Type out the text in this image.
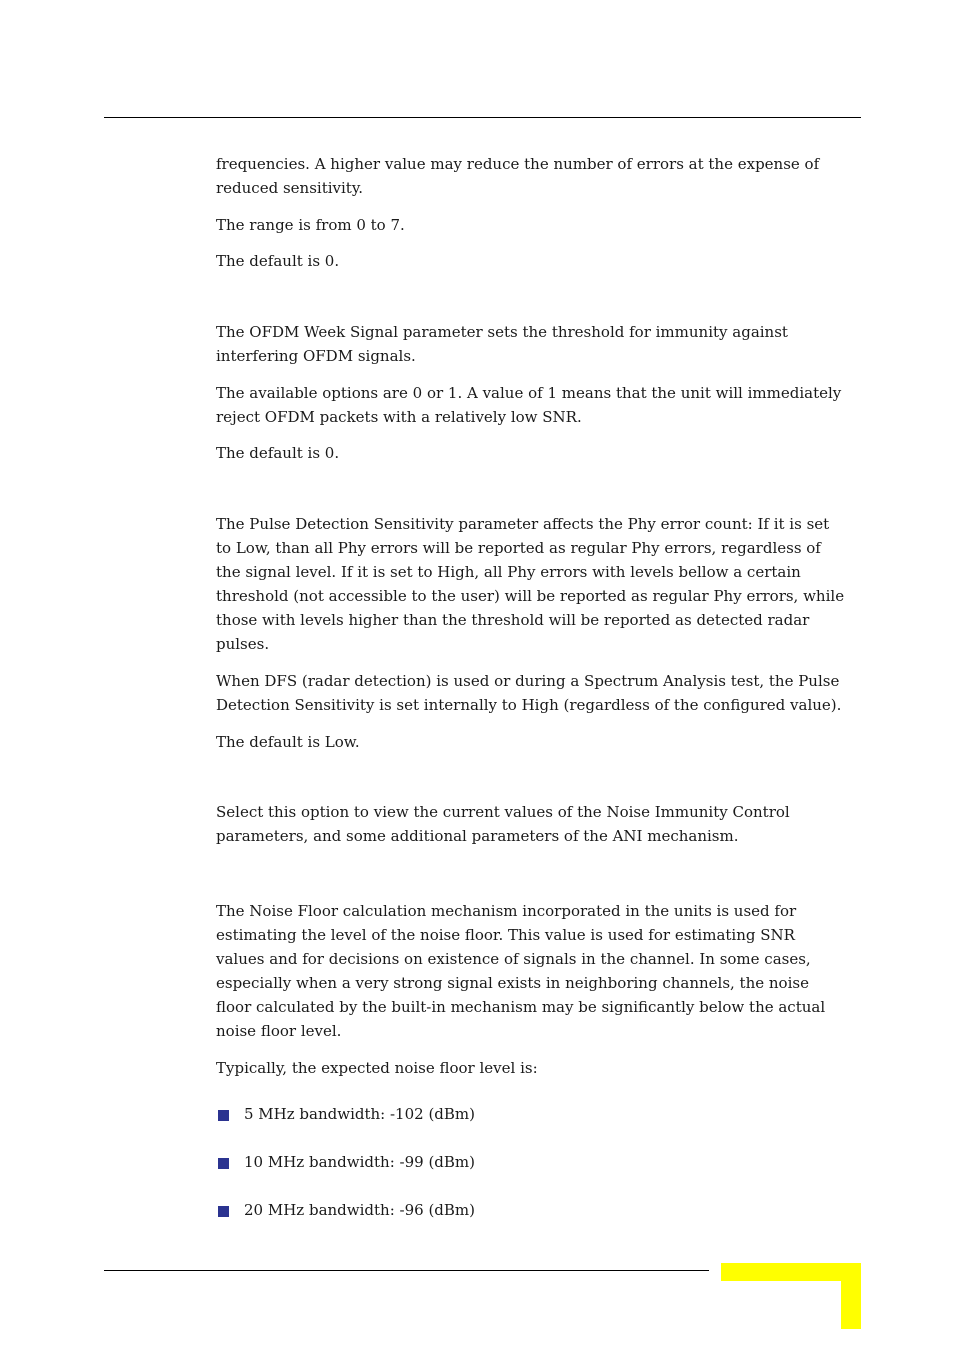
frequencies. A higher value may reduce the number of errors at the expense of
reduced sensitivity.

The range is from 0 to 7.

The default is 0.

The OFDM Week Signal parameter sets the threshold for immunity against
interfering OFDM signals.

The available options are 0 or 1. A value of 1 means that the unit will immediately
reject OFDM packets with a relatively low SNR.

The default is 0.

The Pulse Detection Sensitivity parameter affects the Phy error count: If it is set
to Low, than all Phy errors will be reported as regular Phy errors, regardless of
the signal level. If it is set to High, all Phy errors with levels bellow a certain
threshold (not accessible to the user) will be reported as regular Phy errors, while
those with levels higher than the threshold will be reported as detected radar
pulses.

When DFS (radar detection) is used or during a Spectrum Analysis test, the Pulse
Detection Sensitivity is set internally to High (regardless of the configured value).

The default is Low.

Select this option to view the current values of the Noise Immunity Control
parameters, and some additional parameters of the ANI mechanism.

The Noise Floor calculation mechanism incorporated in the units is used for
estimating the level of the noise floor. This value is used for estimating SNR
values and for decisions on existence of signals in the channel. In some cases,
especially when a very strong signal exists in neighboring channels, the noise
floor calculated by the built-in mechanism may be significantly below the actual
noise floor level.

Typically, the expected noise floor level is:

5 MHz bandwidth: -102 (dBm)
10 MHz bandwidth: -99 (dBm)
20 MHz bandwidth: -96 (dBm)
